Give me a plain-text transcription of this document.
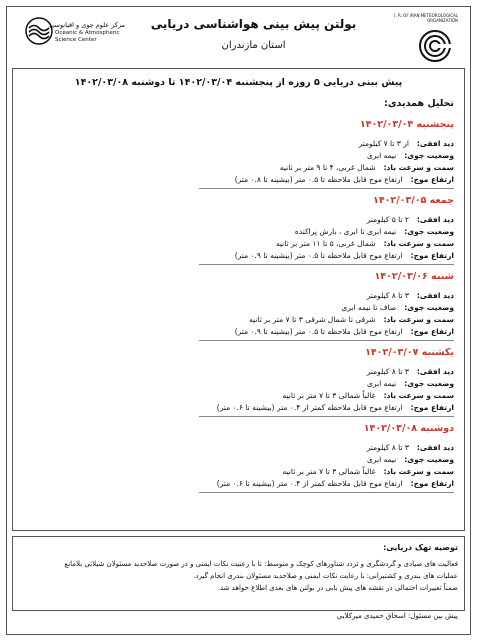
مرکز علوم جوی و اقیانوسی
Oceanic & Atmospheric
Science Center
بولتن پیش بینی هواشناسی دریایی
استان مازندران
I. R. OF IRAN METEOROLOGICAL ORGANIZATION
پیش بینی دریایی ۵ روزه از پنجشنبه ۱۴۰۲/۰۳/۰۴ تا دوشنبه ۱۴۰۲/۰۳/۰۸
تحلیل همدیدی:
پنجشنبه ۱۴۰۲/۰۳/۰۴
دید افقی:از ۳ تا ۷ کیلومتر
وضعیت جوی:نیمه ابری
سمت و سرعت باد:شمال غربی، ۴ تا ۹ متر بر ثانیه
ارتفاع موج:ارتفاع موج قابل ملاحظه تا ۰.۵ متر (بیشینه تا ۰.۸ متر)
جمعه ۱۴۰۲/۰۳/۰۵
دید افقی:۲ تا ۵ کیلومتر
وضعیت جوی:نیمه ابری تا ابری ، بارش پراکنده
سمت و سرعت باد:شمال غربی، ۵ تا ۱۱ متر بر ثانیه
ارتفاع موج:ارتفاع موج قابل ملاحظه تا ۰.۵ متر (بیشینه تا ۰.۹ متر)
شنبه ۱۴۰۲/۰۳/۰۶
دید افقی:۳ تا ۸ کیلومتر
وضعیت جوی:صاف تا نیمه ابری
سمت و سرعت باد:شرقی تا شمال شرقی ۳ تا ۷ متر بر ثانیه
ارتفاع موج:ارتفاع موج قابل ملاحظه تا ۰.۵ متر (بیشینه تا ۰.۹ متر)
یکشنبه ۱۴۰۲/۰۳/۰۷
دید افقی:۳ تا ۸ کیلومتر
وضعیت جوی:نیمه ابری
سمت و سرعت باد:غالباً شمالی ۳ تا ۷ متر بر ثانیه
ارتفاع موج:ارتفاع موج قابل ملاحظه کمتر از ۰.۴ متر (بیشینه تا ۰.۶ متر)
دوشنبه ۱۴۰۲/۰۳/۰۸
دید افقی:۳ تا ۸ کیلومتر
وضعیت جوی:نیمه ابری
سمت و سرعت باد:غالباً شمالی ۳ تا ۷ متر بر ثانیه
ارتفاع موج:ارتفاع موج قابل ملاحظه کمتر از ۰.۴ متر (بیشینه تا ۰.۶ متر)
توصیه تهک دریایی:
فعالیت های صیادی و گردشگری و تردد شناورهای کوچک و متوسط: تا با رعنیت نکات ایمنی و در صورت صلاحدید مسئولان شیلاتی بلامانع
عملیات های بندری و کشتیرانی: با رعایت نکات ایمنی و صلاحدید مسئولان بندری انجام گیرد.
ضمناً تغییرات احتمالی در نقشه های پیش یابی در بولتن های بعدی اطلاع خواهد شد.
پیش بین مسئول: اسحاق حمیدی میرکلایی
